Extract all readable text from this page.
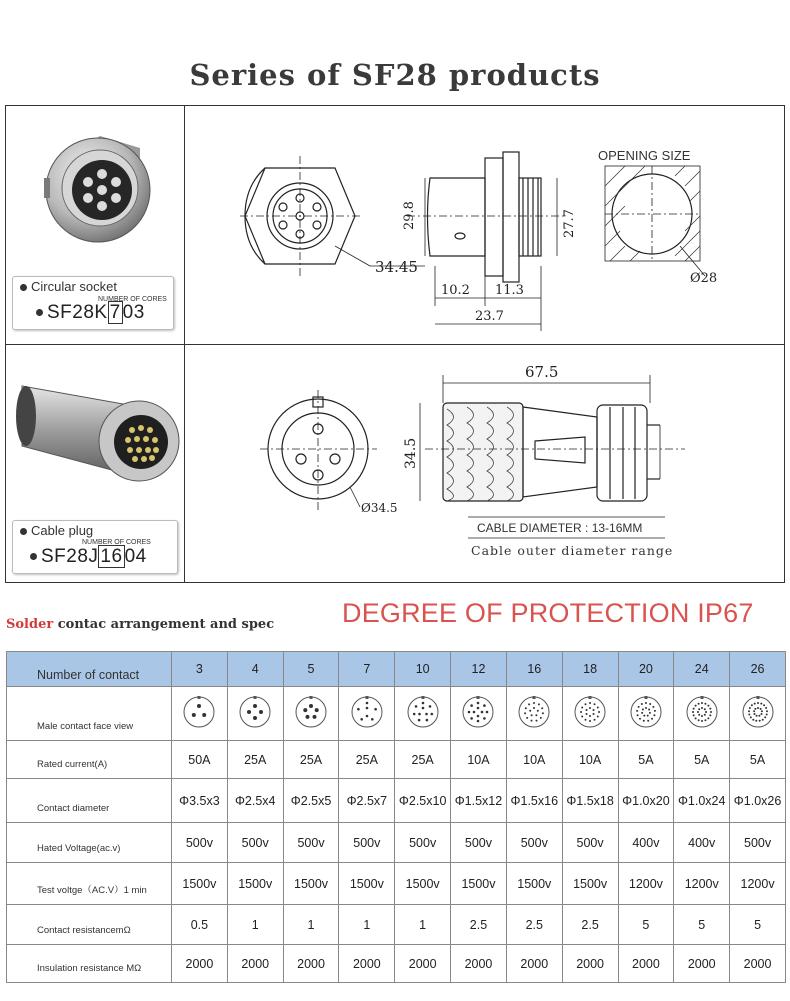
Series of SF28 products
Circular socket
NUMBER OF CORES
SF28K 7 03
34.45
29.8	27.7
10.2 11.3
23.7
OPENING SIZE
Ø28
Cable plug
NUMBER OF CORES
SF28J 16 04
67.5
34.5
Ø34.5
CABLE DIAMETER : 13-16MM
Cable outer diameter range
Solder contac arrangement and spec	DEGREE OF PROTECTION IP67
Number of contact	3	4	5	7	10	12	16	18	20	24	26
Male contact face view											
Rated current(A)	50A	25A	25A	25A	25A	10A	10A	10A	5A	5A	5A
Contact diameter	Φ3.5x3	Φ2.5x4	Φ2.5x5	Φ2.5x7	Φ2.5x10	Φ1.5x12	Φ1.5x16	Φ1.5x18	Φ1.0x20	Φ1.0x24	Φ1.0x26
Hated Voltage(ac.v)	500v	500v	500v	500v	500v	500v	500v	500v	400v	400v	500v
Test voltge（AC.V）1 min	1500v	1500v	1500v	1500v	1500v	1500v	1500v	1500v	1200v	1200v	1200v
Contact resistancemΩ	0.5	1	1	1	1	2.5	2.5	2.5	5	5	5
Insulation resistance MΩ	2000	2000	2000	2000	2000	2000	2000	2000	2000	2000	2000
